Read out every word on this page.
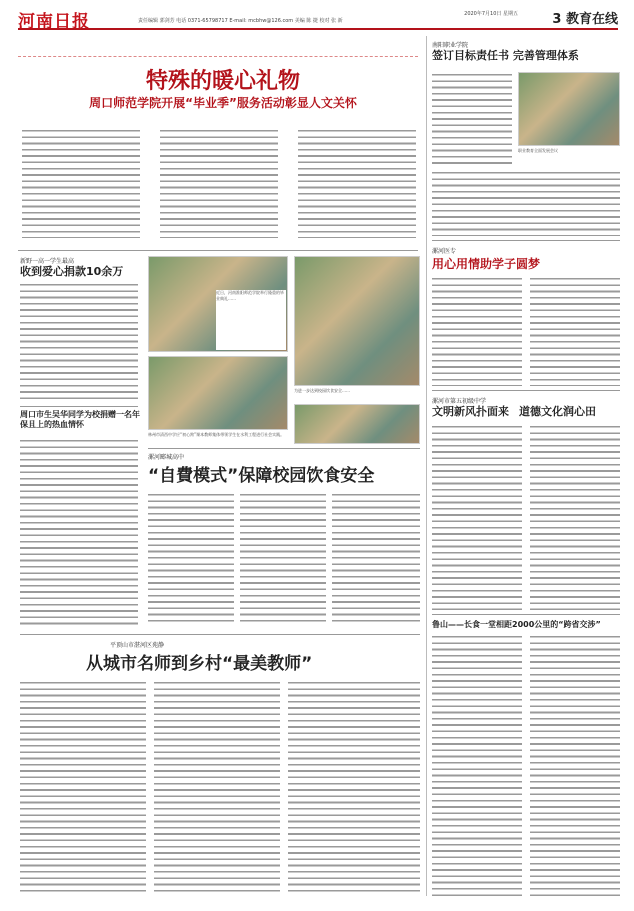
河南日报	责任编辑 郭剑芳 电话 0371-65798717 E-mail: mcbhw@126.com 美编 陈 捷 校对 张 新
2020年7月10日 星期五	3 教育在线
特殊的暖心礼物
周口师范学院开展“毕业季”服务活动彰显人文关怀
南阳职业学院
签订目标责任书 完善管理体系
职业教育全面发展会议
漯河医专
用心用情助学子圆梦
漯河市第五初级中学
文明新风扑面来 道德文化润心田
鲁山——长食一堂相距2000公里的“跨省交涉”
新野一高一学生最高
收到爱心捐款10余万
周口市生吴华同学为校捐赠一名年保且上的热血情怀
近日，河南淮阳师范学院举行隆重的毕业典礼……
林州市清西中学应“初心跨”课本教师集体带领学生在水利工程进行社会实践。
为进一步达到校园饮食安全……
漯河郾城高中
“自費模式”保障校园饮食安全
平顶山市湛河区苑静
从城市名师到乡村“最美教师”
